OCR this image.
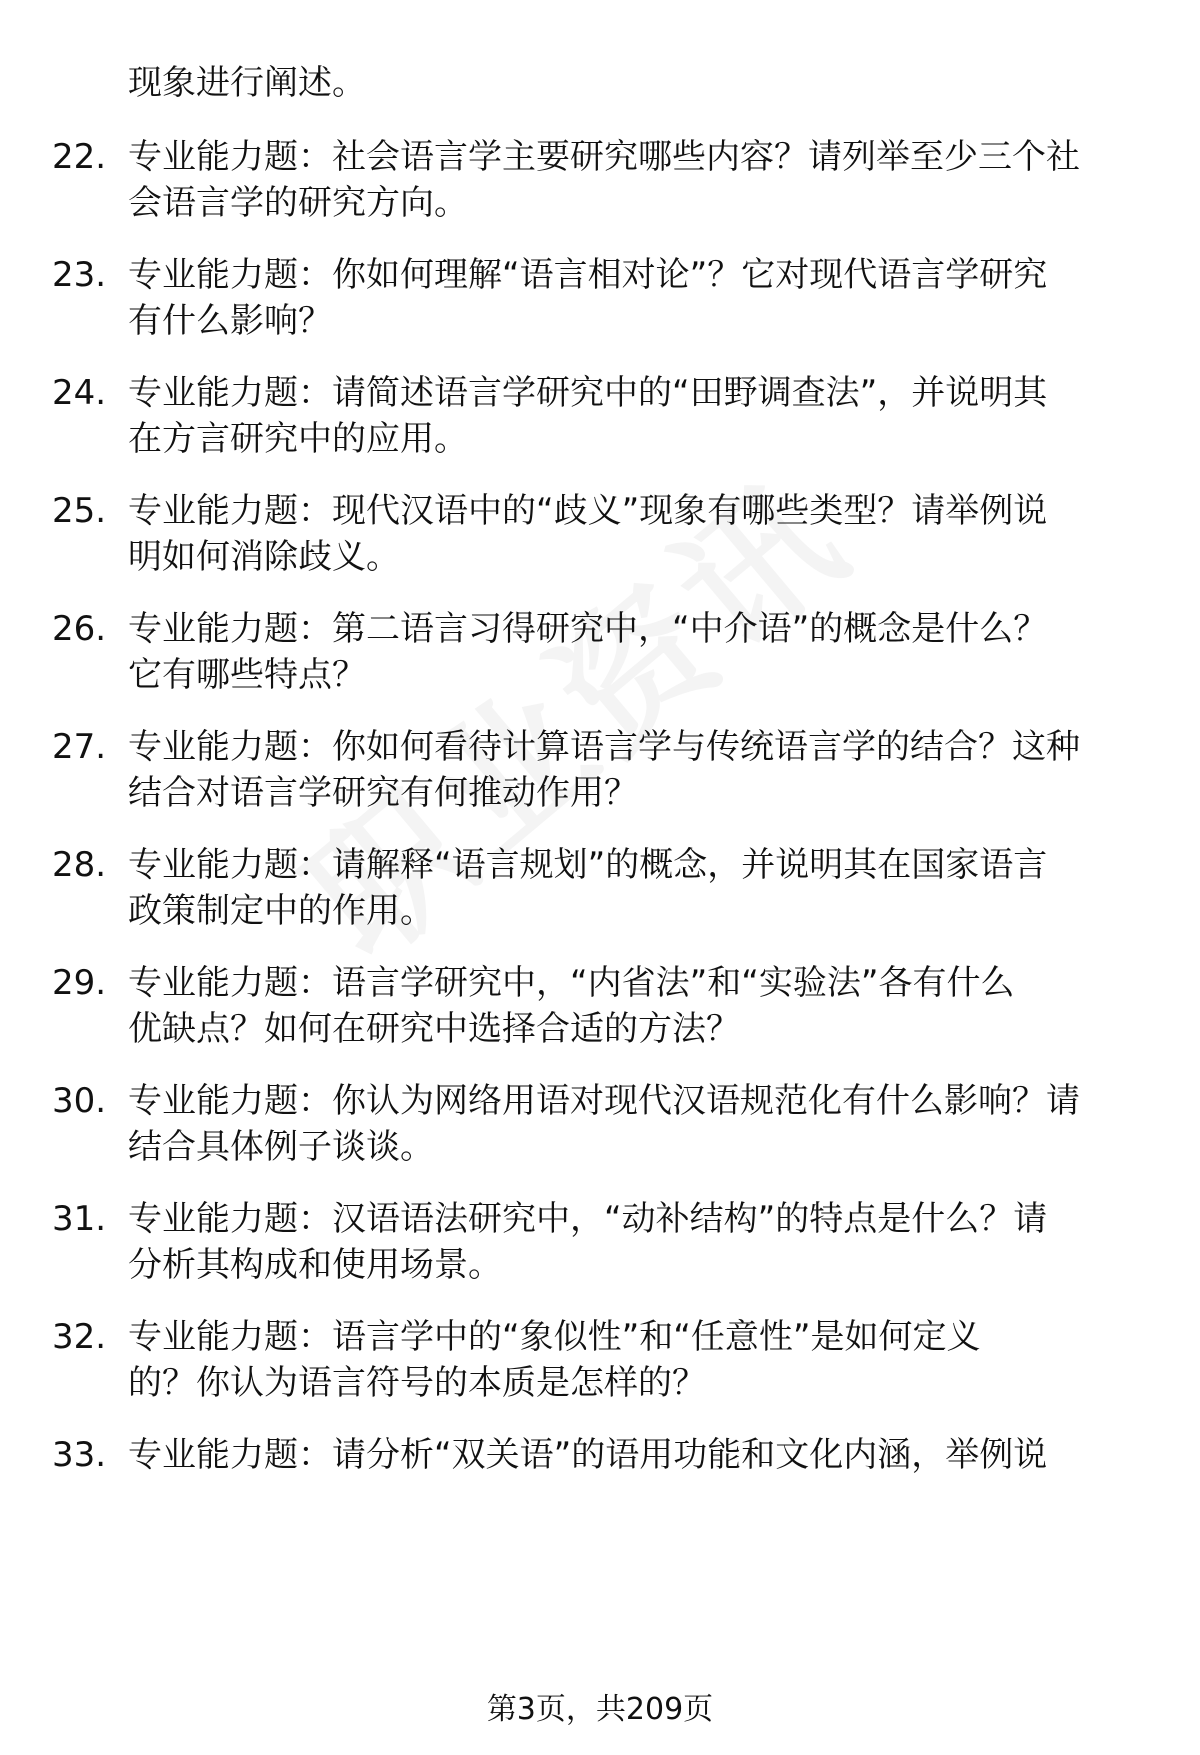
现象进行阐述。
22. 专业能力题：社会语言学主要研究哪些内容？请列举至少三个社
会语言学的研究方向。
23. 专业能力题：你如何理解“语言相对论”？它对现代语言学研究
有什么影响？
24. 专业能力题：请简述语言学研究中的“田野调查法”，并说明其
在方言研究中的应用。
25. 专业能力题：现代汉语中的“歧义”现象有哪些类型？请举例说
明如何消除歧义。
26. 专业能力题：第二语言习得研究中，“中介语”的概念是什么？
它有哪些特点？
27. 专业能力题：你如何看待计算语言学与传统语言学的结合？这种
结合对语言学研究有何推动作用？
28. 专业能力题：请解释“语言规划”的概念，并说明其在国家语言
政策制定中的作用。
29. 专业能力题：语言学研究中，“内省法”和“实验法”各有什么
优缺点？如何在研究中选择合适的方法？
30. 专业能力题：你认为网络用语对现代汉语规范化有什么影响？请
结合具体例子谈谈。
31. 专业能力题：汉语语法研究中，“动补结构”的特点是什么？请
分析其构成和使用场景。
32. 专业能力题：语言学中的“象似性”和“任意性”是如何定义
的？你认为语言符号的本质是怎样的？
33. 专业能力题：请分析“双关语”的语用功能和文化内涵，举例说
第3页，共209页
